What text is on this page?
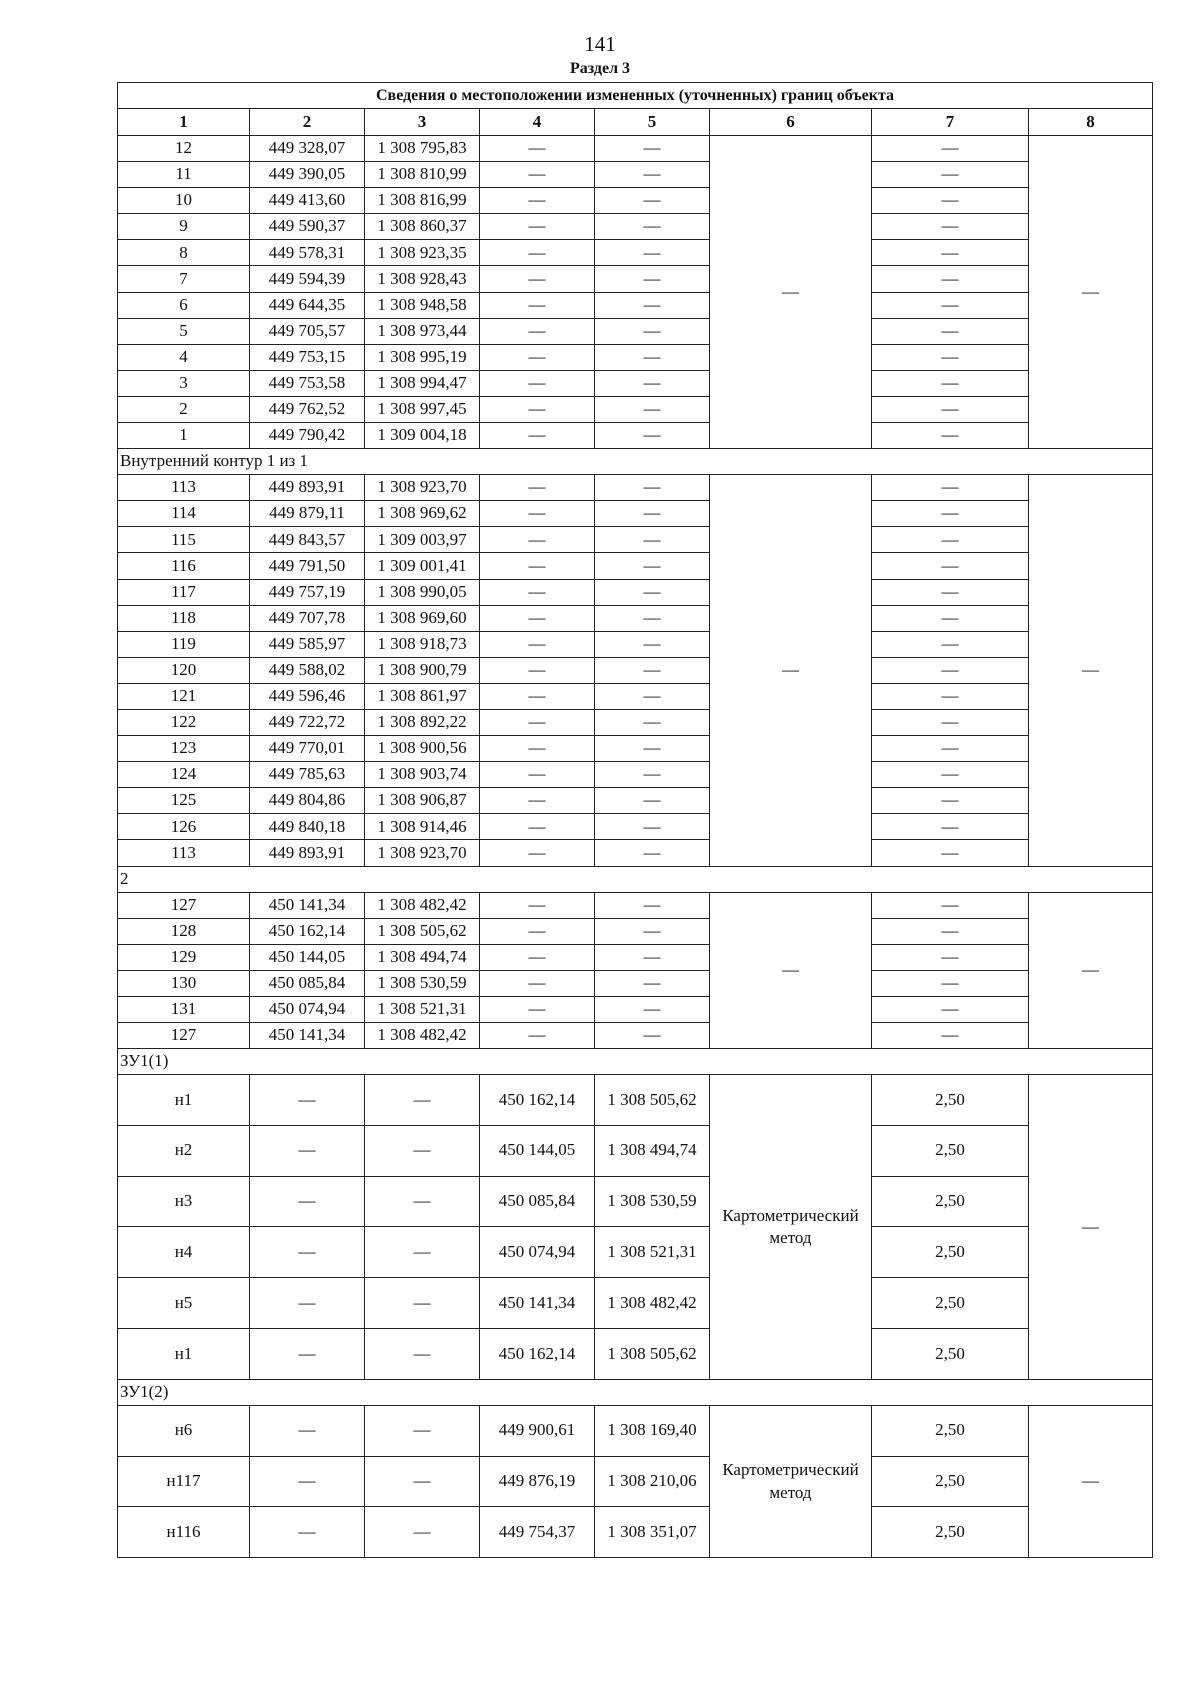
141
Раздел 3
Сведения о местоположении измененных (уточненных) границ объекта							
1	2	3	4	5	6	7	8
12	449 328,07	1 308 795,83	—	—	—	—	—
11	449 390,05	1 308 810,99	—	—		—	
10	449 413,60	1 308 816,99	—	—		—	
9	449 590,37	1 308 860,37	—	—		—	
8	449 578,31	1 308 923,35	—	—		—	
7	449 594,39	1 308 928,43	—	—		—	
6	449 644,35	1 308 948,58	—	—		—	
5	449 705,57	1 308 973,44	—	—		—	
4	449 753,15	1 308 995,19	—	—		—	
3	449 753,58	1 308 994,47	—	—		—	
2	449 762,52	1 308 997,45	—	—		—	
1	449 790,42	1 309 004,18	—	—		—	
Внутренний контур 1 из 1							
113	449 893,91	1 308 923,70	—	—	—	—	—
114	449 879,11	1 308 969,62	—	—		—	
115	449 843,57	1 309 003,97	—	—		—	
116	449 791,50	1 309 001,41	—	—		—	
117	449 757,19	1 308 990,05	—	—		—	
118	449 707,78	1 308 969,60	—	—		—	
119	449 585,97	1 308 918,73	—	—		—	
120	449 588,02	1 308 900,79	—	—		—	
121	449 596,46	1 308 861,97	—	—		—	
122	449 722,72	1 308 892,22	—	—		—	
123	449 770,01	1 308 900,56	—	—		—	
124	449 785,63	1 308 903,74	—	—		—	
125	449 804,86	1 308 906,87	—	—		—	
126	449 840,18	1 308 914,46	—	—		—	
113	449 893,91	1 308 923,70	—	—		—	
2							
127	450 141,34	1 308 482,42	—	—	—	—	—
128	450 162,14	1 308 505,62	—	—		—	
129	450 144,05	1 308 494,74	—	—		—	
130	450 085,84	1 308 530,59	—	—		—	
131	450 074,94	1 308 521,31	—	—		—	
127	450 141,34	1 308 482,42	—	—		—	
ЗУ1(1)							
н1	—	—	450 162,14	1 308 505,62	Картометрический метод	2,50	—
н2	—	—	450 144,05	1 308 494,74		2,50	
н3	—	—	450 085,84	1 308 530,59		2,50	
н4	—	—	450 074,94	1 308 521,31		2,50	
н5	—	—	450 141,34	1 308 482,42		2,50	
н1	—	—	450 162,14	1 308 505,62		2,50	
ЗУ1(2)							
н6	—	—	449 900,61	1 308 169,40	Картометрический метод	2,50	—
н117	—	—	449 876,19	1 308 210,06		2,50	
н116	—	—	449 754,37	1 308 351,07		2,50	
